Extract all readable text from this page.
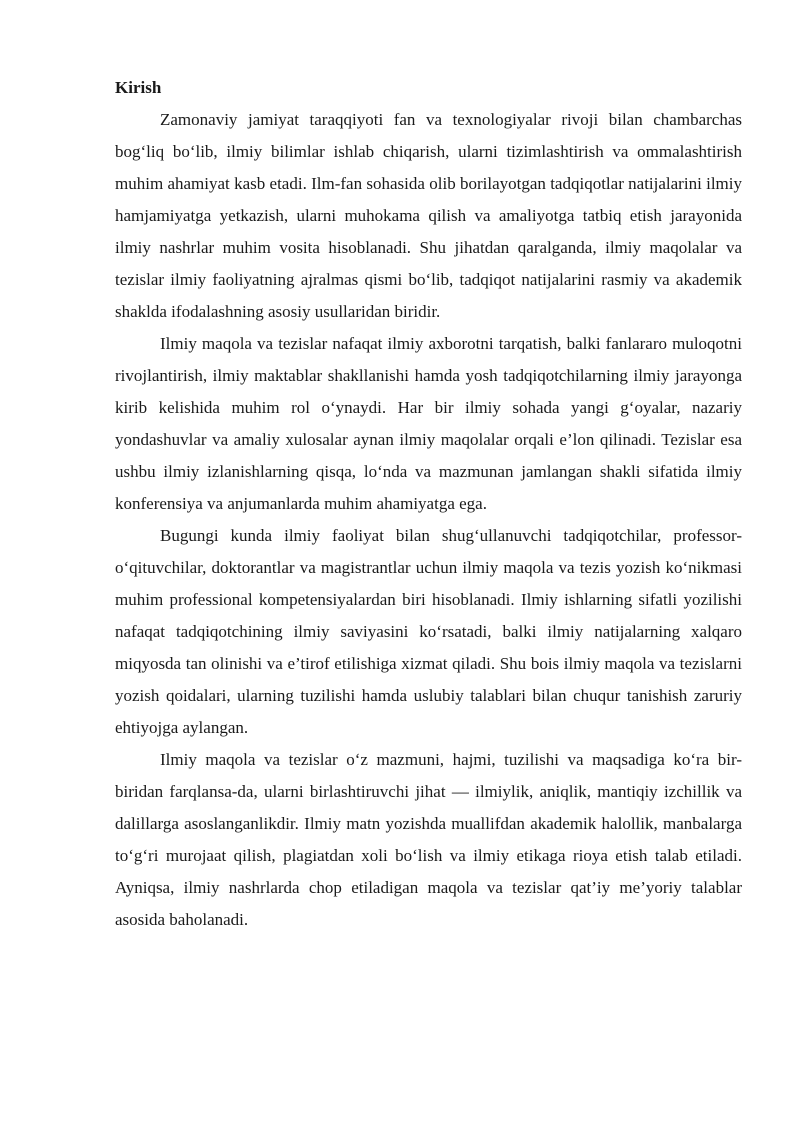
Kirish

Zamonaviy jamiyat taraqqiyoti fan va texnologiyalar rivoji bilan chambarchas bog‘liq bo‘lib, ilmiy bilimlar ishlab chiqarish, ularni tizimlashtirish va ommalashtirish muhim ahamiyat kasb etadi. Ilm-fan sohasida olib borilayotgan tadqiqotlar natijalarini ilmiy hamjamiyatga yetkazish, ularni muhokama qilish va amaliyotga tatbiq etish jarayonida ilmiy nashrlar muhim vosita hisoblanadi. Shu jihatdan qaralganda, ilmiy maqolalar va tezislar ilmiy faoliyatning ajralmas qismi bo‘lib, tadqiqot natijalarini rasmiy va akademik shaklda ifodalashning asosiy usullaridan biridir.

Ilmiy maqola va tezislar nafaqat ilmiy axborotni tarqatish, balki fanlararo muloqotni rivojlantirish, ilmiy maktablar shakllanishi hamda yosh tadqiqotchilarning ilmiy jarayonga kirib kelishida muhim rol o‘ynaydi. Har bir ilmiy sohada yangi g‘oyalar, nazariy yondashuvlar va amaliy xulosalar aynan ilmiy maqolalar orqali e’lon qilinadi. Tezislar esa ushbu ilmiy izlanishlarning qisqa, lo‘nda va mazmunan jamlangan shakli sifatida ilmiy konferensiya va anjumanlarda muhim ahamiyatga ega.

Bugungi kunda ilmiy faoliyat bilan shug‘ullanuvchi tadqiqotchilar, professor-o‘qituvchilar, doktorantlar va magistrantlar uchun ilmiy maqola va tezis yozish ko‘nikmasi muhim professional kompetensiyalardan biri hisoblanadi. Ilmiy ishlarning sifatli yozilishi nafaqat tadqiqotchining ilmiy saviyasini ko‘rsatadi, balki ilmiy natijalarning xalqaro miqyosda tan olinishi va e’tirof etilishiga xizmat qiladi. Shu bois ilmiy maqola va tezislarni yozish qoidalari, ularning tuzilishi hamda uslubiy talablari bilan chuqur tanishish zaruriy ehtiyojga aylangan.

Ilmiy maqola va tezislar o‘z mazmuni, hajmi, tuzilishi va maqsadiga ko‘ra bir-biridan farqlansa-da, ularni birlashtiruvchi jihat — ilmiylik, aniqlik, mantiqiy izchillik va dalillarga asoslanganlikdir. Ilmiy matn yozishda muallifdan akademik halollik, manbalarga to‘g‘ri murojaat qilish, plagiatdan xoli bo‘lish va ilmiy etikaga rioya etish talab etiladi. Ayniqsa, ilmiy nashrlarda chop etiladigan maqola va tezislar qat’iy me’yoriy talablar asosida baholanadi.
